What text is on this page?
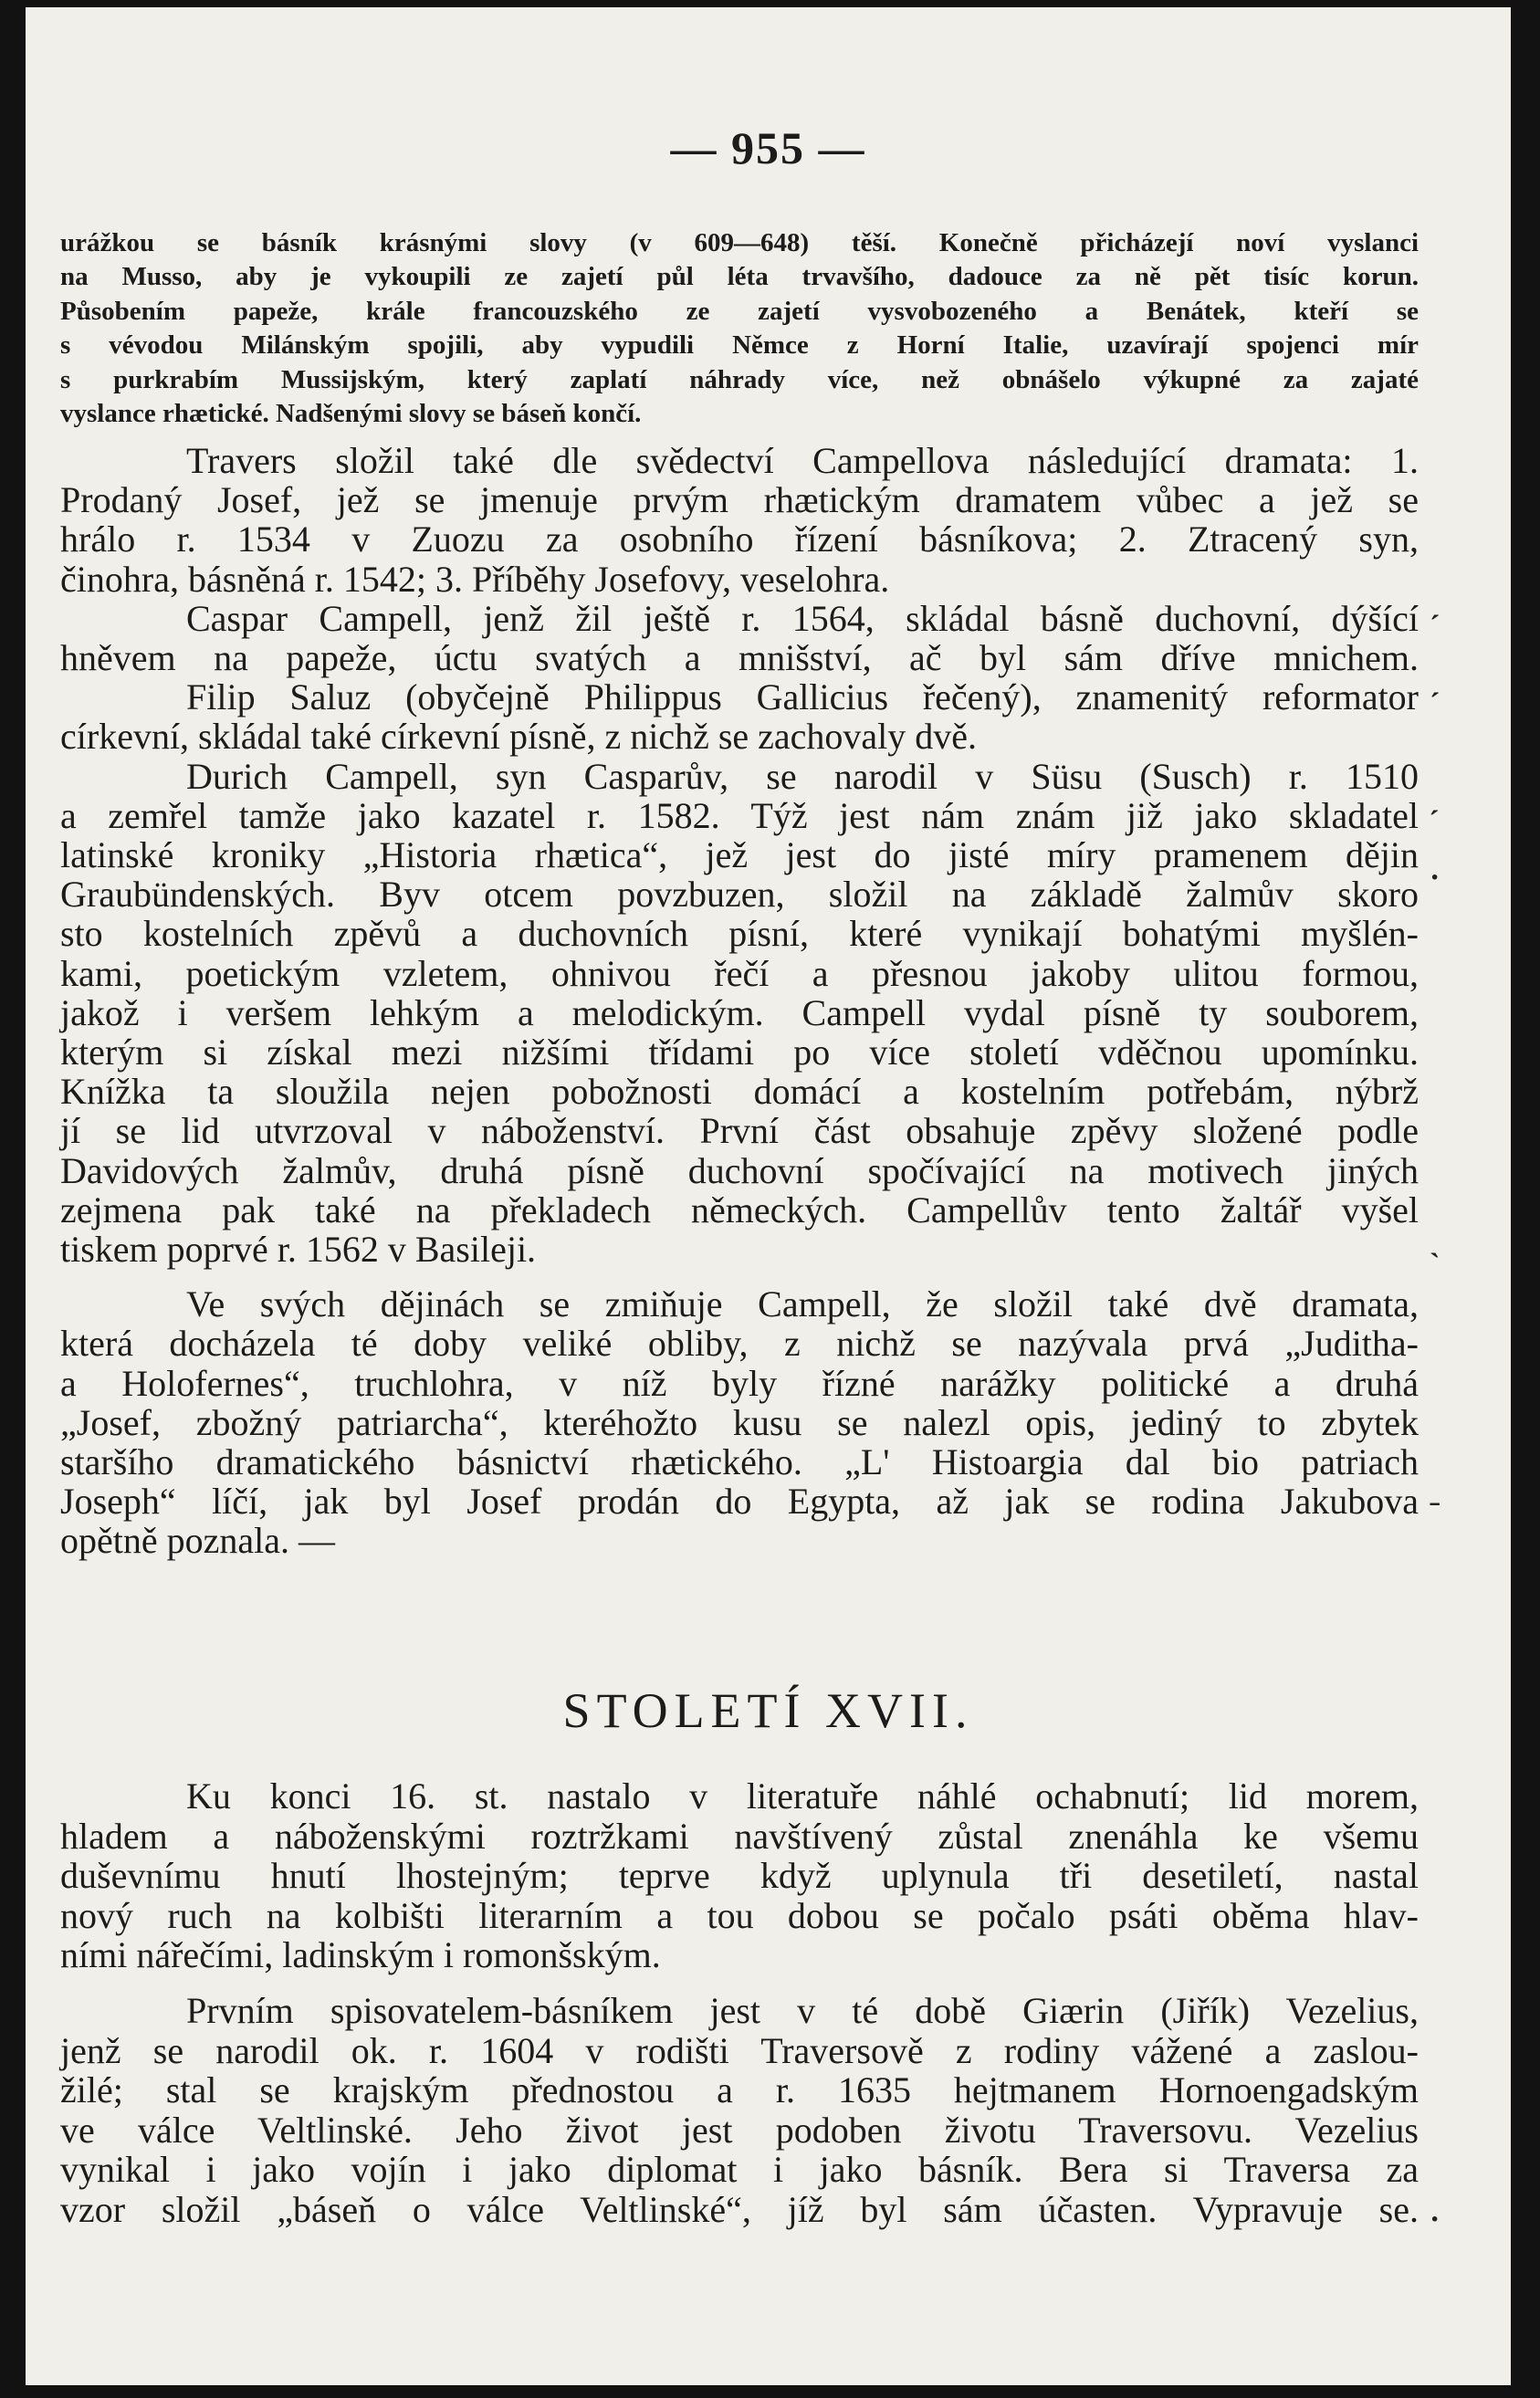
— 955 —
urážkou se básník krásnými slovy (v 609—648) těší. Konečně přicházejí noví vyslanci
na Musso, aby je vykoupili ze zajetí půl léta trvavšího, dadouce za ně pět tisíc korun.
Působením papeže, krále francouzského ze zajetí vysvobozeného a Benátek, kteří se
s vévodou Milánským spojili, aby vypudili Němce z Horní Italie, uzavírají spojenci mír
s purkrabím Mussijským, který zaplatí náhrady více, než obnášelo výkupné za zajaté
vyslance rhætické. Nadšenými slovy se báseň končí.
Travers složil také dle svědectví Campellova následující dramata: 1.
Prodaný Josef, jež se jmenuje prvým rhætickým dramatem vůbec a jež se
hrálo r. 1534 v Zuozu za osobního řízení básníkova; 2. Ztracený syn,
činohra, básněná r. 1542; 3. Příběhy Josefovy, veselohra.
Caspar Campell, jenž žil ještě r. 1564, skládal básně duchovní, dýšící
hněvem na papeže, úctu svatých a mnišství, ač byl sám dříve mnichem.
Filip Saluz (obyčejně Philippus Gallicius řečený), znamenitý reformator
církevní, skládal také církevní písně, z nichž se zachovaly dvě.
Durich Campell, syn Casparův, se narodil v Süsu (Susch) r. 1510
a zemřel tamže jako kazatel r. 1582. Týž jest nám znám již jako skladatel
latinské kroniky „Historia rhætica“, jež jest do jisté míry pramenem dějin
Graubündenských. Byv otcem povzbuzen, složil na základě žalmův skoro
sto kostelních zpěvů a duchovních písní, které vynikají bohatými myšlén-
kami, poetickým vzletem, ohnivou řečí a přesnou jakoby ulitou formou,
jakož i veršem lehkým a melodickým. Campell vydal písně ty souborem,
kterým si získal mezi nižšími třídami po více století vděčnou upomínku.
Knížka ta sloužila nejen pobožnosti domácí a kostelním potřebám, nýbrž
jí se lid utvrzoval v náboženství. První část obsahuje zpěvy složené podle
Davidových žalmův, druhá písně duchovní spočívající na motivech jiných
zejmena pak také na překladech německých. Campellův tento žaltář vyšel
tiskem poprvé r. 1562 v Basileji.
Ve svých dějinách se zmiňuje Campell, že složil také dvě dramata,
která docházela té doby veliké obliby, z nichž se nazývala prvá „Juditha-
a Holofernes“, truchlohra, v níž byly řízné narážky politické a druhá
„Josef, zbožný patriarcha“, kteréhožto kusu se nalezl opis, jediný to zbytek
staršího dramatického básnictví rhætického. „L' Histoargia dal bio patriach
Joseph“ líčí, jak byl Josef prodán do Egypta, až jak se rodina Jakubova
opětně poznala. —
STOLETÍ XVII.
Ku konci 16. st. nastalo v literatuře náhlé ochabnutí; lid morem,
hladem a náboženskými roztržkami navštívený zůstal znenáhla ke všemu
duševnímu hnutí lhostejným; teprve když uplynula tři desetiletí, nastal
nový ruch na kolbišti literarním a tou dobou se počalo psáti oběma hlav-
ními nářečími, ladinským i romonšským.
Prvním spisovatelem-básníkem jest v té době Giærin (Jiřík) Vezelius,
jenž se narodil ok. r. 1604 v rodišti Traversově z rodiny vážené a zaslou-
žilé; stal se krajským přednostou a r. 1635 hejtmanem Hornoengadským
ve válce Veltlinské. Jeho život jest podoben životu Traversovu. Vezelius
vynikal i jako vojín i jako diplomat i jako básník. Bera si Traversa za
vzor složil „báseň o válce Veltlinské“, jíž byl sám účasten. Vypravuje se.
ˊ
ˊ
ˏ
·
ˎ
ˍ
·
